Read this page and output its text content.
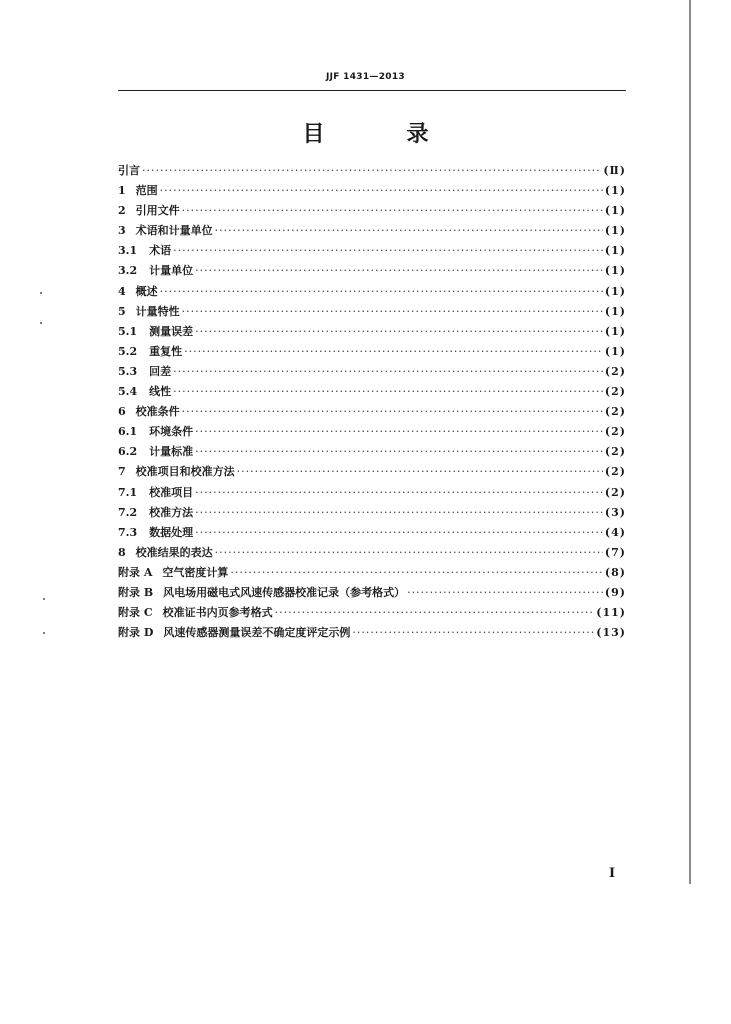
JJF 1431—2013
目　录
引言 ·····	(Ⅱ)
1 范围 ·····	(1)
2 引用文件 ·····	(1)
3 术语和计量单位 ·····	(1)
3.1 术语 ·····	(1)
3.2 计量单位 ·····	(1)
4 概述 ·····	(1)
5 计量特性 ·····	(1)
5.1 测量误差 ·····	(1)
5.2 重复性 ·····	(1)
5.3 回差 ·····	(2)
5.4 线性 ·····	(2)
6 校准条件 ·····	(2)
6.1 环境条件 ·····	(2)
6.2 计量标准 ·····	(2)
7 校准项目和校准方法 ·····	(2)
7.1 校准项目 ·····	(2)
7.2 校准方法 ·····	(3)
7.3 数据处理 ·····	(4)
8 校准结果的表达 ·····	(7)
附录 A 空气密度计算 ·····	(8)
附录 B 风电场用磁电式风速传感器校准记录（参考格式） ·····	(9)
附录 C 校准证书内页参考格式 ·····	(11)
附录 D 风速传感器测量误差不确定度评定示例 ·····	(13)
I
